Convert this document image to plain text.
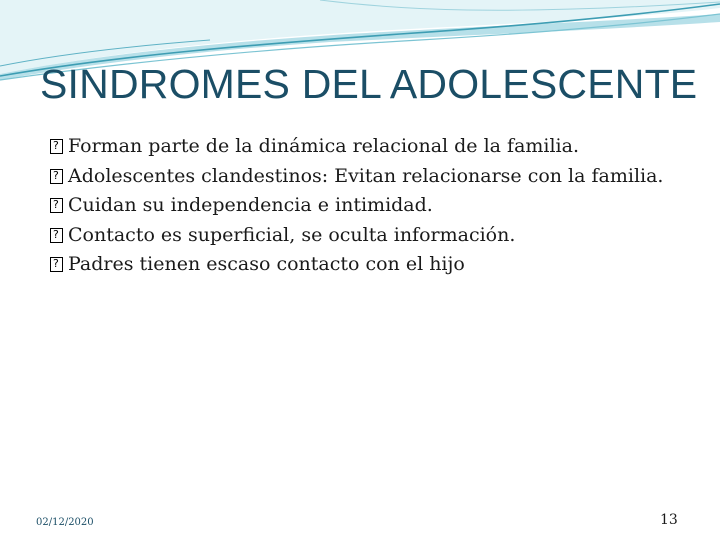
SINDROMES DEL ADOLESCENTE
?
Forman parte de la dinámica relacional de la familia.
?
Adolescentes clandestinos: Evitan relacionarse con la familia.
?
Cuidan su independencia e intimidad.
?
Contacto es superficial, se oculta información.
?
Padres tienen escaso contacto con el hijo
02/12/2020	13
